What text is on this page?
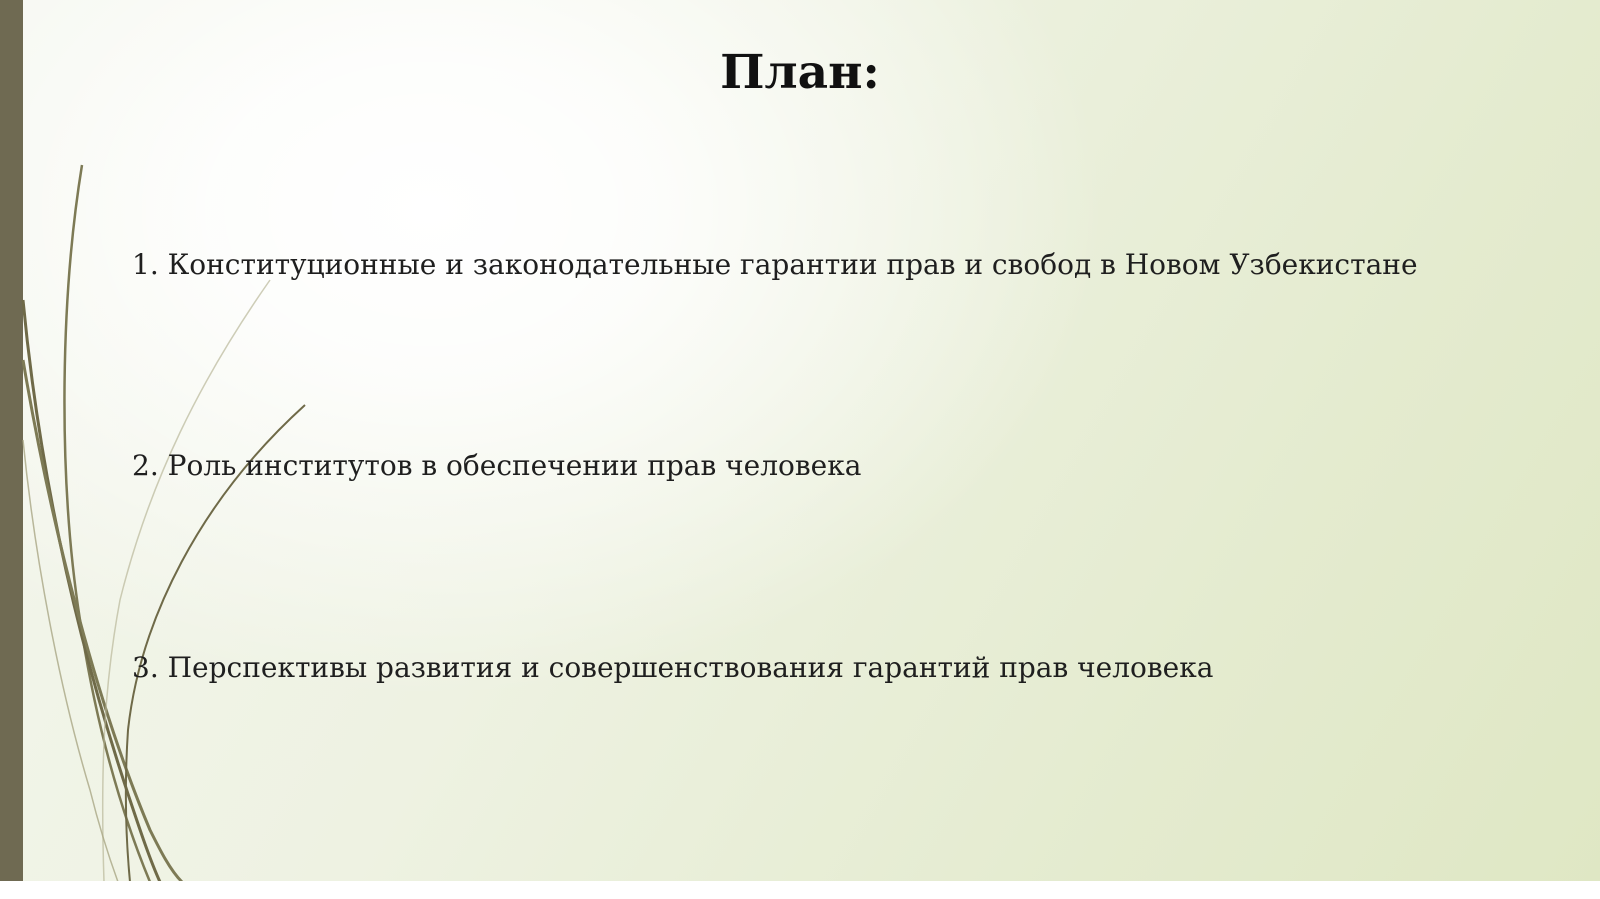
План:

1. Конституционные и законодательные гарантии прав и свобод в Новом Узбекистане

2. Роль институтов в обеспечении прав человека

3. Перспективы развития и совершенствования гарантий прав человека
